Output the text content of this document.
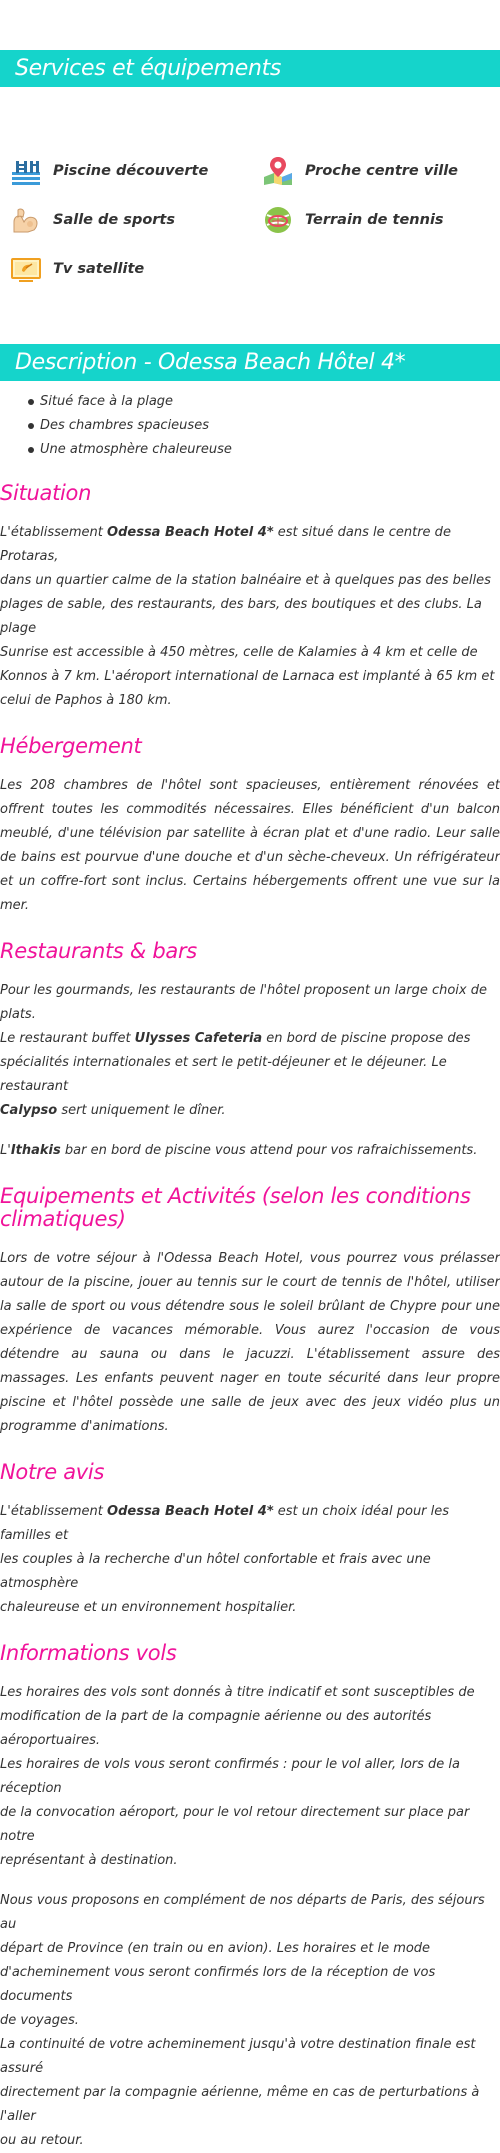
Services et équipements
Piscine découverte	Proche centre ville
Salle de sports	Terrain de tennis
Tv satellite
Description - Odessa Beach Hôtel 4*
Situé face à la plage
Des chambres spacieuses
Une atmosphère chaleureuse
Situation

L'établissement Odessa Beach Hotel 4* est situé dans le centre de Protaras,
dans un quartier calme de la station balnéaire et à quelques pas des belles
plages de sable, des restaurants, des bars, des boutiques et des clubs. La plage
Sunrise est accessible à 450 mètres, celle de Kalamies à 4 km et celle de
Konnos à 7 km. L'aéroport international de Larnaca est implanté à 65 km et
celui de Paphos à 180 km.

Hébergement

Les 208 chambres de l'hôtel sont spacieuses, entièrement rénovées et offrent toutes les commodités nécessaires. Elles bénéficient d'un balcon meublé, d'une télévision par satellite à écran plat et d'une radio. Leur salle de bains est pourvue d'une douche et d'un sèche-cheveux. Un réfrigérateur et un coffre-fort sont inclus. Certains hébergements offrent une vue sur la mer.

Restaurants & bars

Pour les gourmands, les restaurants de l'hôtel proposent un large choix de plats.
Le restaurant buffet Ulysses Cafeteria en bord de piscine propose des
spécialités internationales et sert le petit-déjeuner et le déjeuner. Le restaurant
Calypso sert uniquement le dîner.

L'Ithakis bar en bord de piscine vous attend pour vos rafraichissements.

Equipements et Activités (selon les conditions
climatiques)

Lors de votre séjour à l'Odessa Beach Hotel, vous pourrez vous prélasser autour de la piscine, jouer au tennis sur le court de tennis de l'hôtel, utiliser la salle de sport ou vous détendre sous le soleil brûlant de Chypre pour une expérience de vacances mémorable. Vous aurez l'occasion de vous détendre au sauna ou dans le jacuzzi. L'établissement assure des massages. Les enfants peuvent nager en toute sécurité dans leur propre piscine et l'hôtel possède une salle de jeux avec des jeux vidéo plus un programme d'animations.

Notre avis

L'établissement Odessa Beach Hotel 4* est un choix idéal pour les familles et
les couples à la recherche d'un hôtel confortable et frais avec une atmosphère
chaleureuse et un environnement hospitalier.

Informations vols

Les horaires des vols sont donnés à titre indicatif et sont susceptibles de
modification de la part de la compagnie aérienne ou des autorités
aéroportuaires.
Les horaires de vols vous seront confirmés : pour le vol aller, lors de la réception
de la convocation aéroport, pour le vol retour directement sur place par notre
représentant à destination.

Nous vous proposons en complément de nos départs de Paris, des séjours au
départ de Province (en train ou en avion). Les horaires et le mode
d'acheminement vous seront confirmés lors de la réception de vos documents
de voyages.
La continuité de votre acheminement jusqu'à votre destination finale est assuré
directement par la compagnie aérienne, même en cas de perturbations à l'aller
ou au retour.
